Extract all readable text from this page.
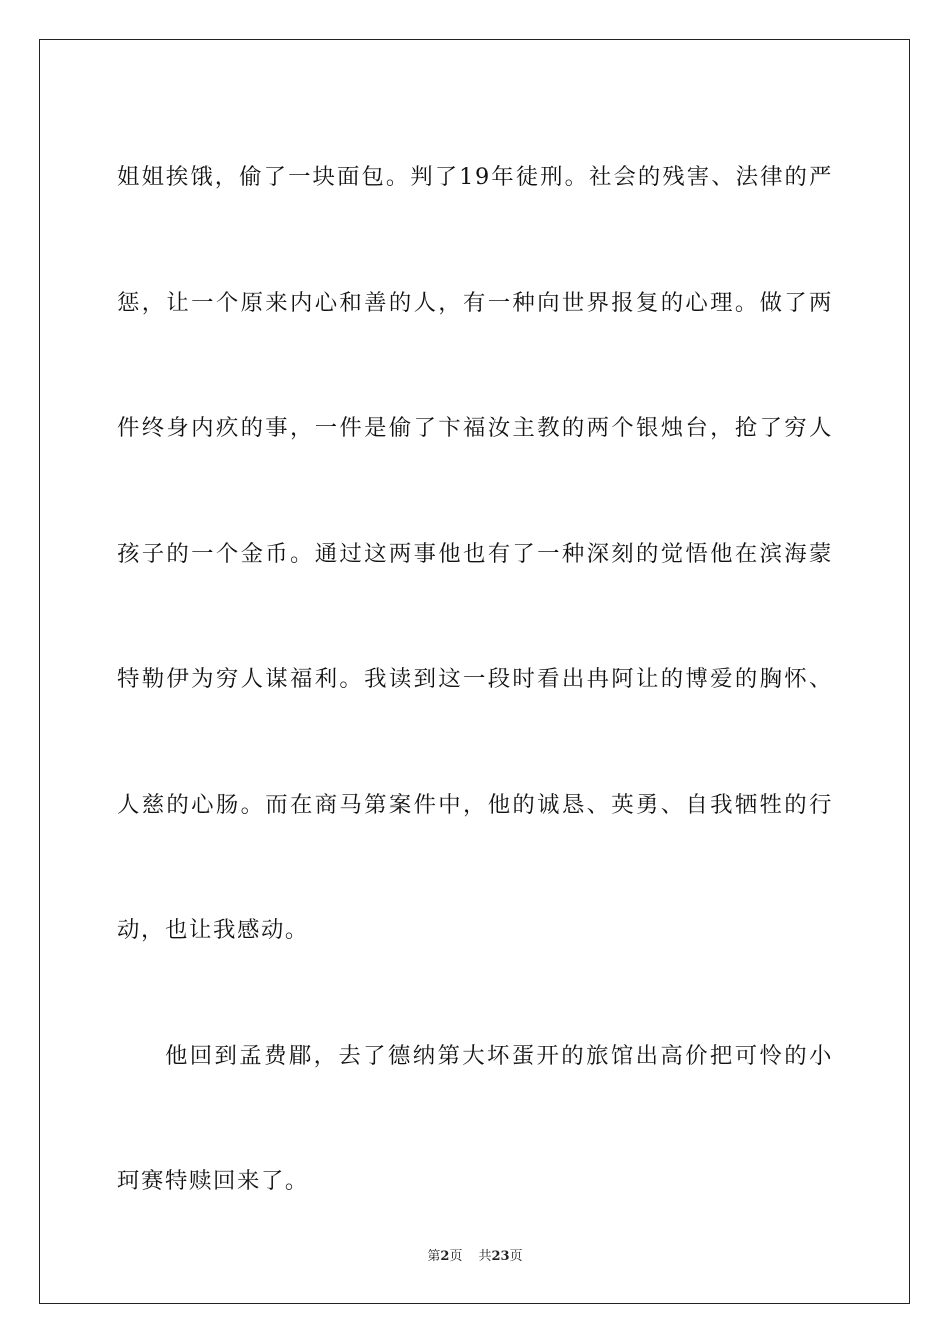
姐姐挨饿，偷了一块面包。判了19年徒刑。社会的残害、法律的严惩，让一个原来内心和善的人，有一种向世界报复的心理。做了两件终身内疚的事，一件是偷了卞福汝主教的两个银烛台，抢了穷人孩子的一个金币。通过这两事他也有了一种深刻的觉悟他在滨海蒙特勒伊为穷人谋福利。我读到这一段时看出冉阿让的博爱的胸怀、人慈的心肠。而在商马第案件中，他的诚恳、英勇、自我牺牲的行动，也让我感动。

他回到孟费郿，去了德纳第大坏蛋开的旅馆出高价把可怜的小珂赛特赎回来了。

第2页 共23页
